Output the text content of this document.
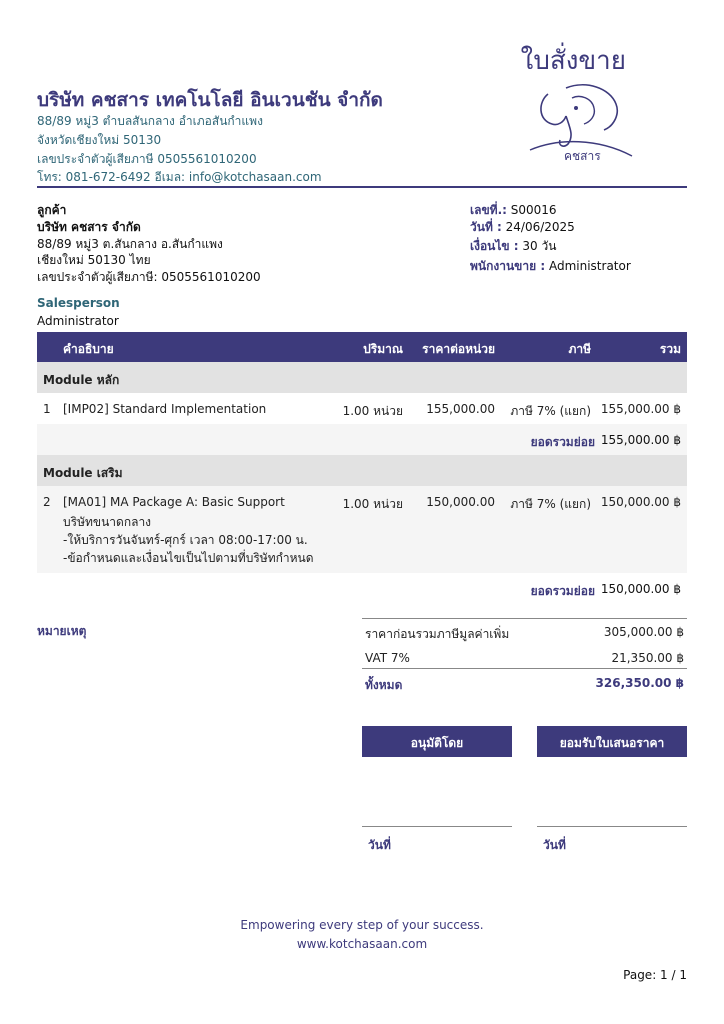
ใบสั่งขาย
บริษัท คชสาร เทคโนโลยี อินเวนชัน จำกัด
88/89 หมู่3 ตำบลสันกลาง อำเภอสันกำแพง
จังหวัดเชียงใหม่ 50130
เลขประจำตัวผู้เสียภาษี 0505561010200
โทร: 081-672-6492 อีเมล: info@kotchasaan.com
คชสาร
ลูกค้า
บริษัท คชสาร จำกัด
88/89 หมู่3 ต.สันกลาง อ.สันกำแพง
เชียงใหม่ 50130 ไทย
เลขประจำตัวผู้เสียภาษี: 0505561010200
เลขที่.: S00016
วันที่ : 24/06/2025
เงื่อนไข : 30 วัน
พนักงานขาย : Administrator
Salesperson
Administrator
คำอธิบาย	ปริมาณ ราคาต่อหน่วย	ภาษี	รวม
Module หลัก
1 [IMP02] Standard Implementation	1.00 หน่วย 155,000.00 ภาษี 7% (แยก) 155,000.00 ฿
ยอดรวมย่อย 155,000.00 ฿
Module เสริม
2 [MA01] MA Package A: Basic Support
บริษัทขนาดกลาง
-ให้บริการวันจันทร์-ศุกร์ เวลา 08:00-17:00 น.
-ข้อกำหนดและเงื่อนไขเป็นไปตามที่บริษัทกำหนด
1.00 หน่วย 150,000.00 ภาษี 7% (แยก) 150,000.00 ฿
ยอดรวมย่อย 150,000.00 ฿
หมายเหตุ	ราคาก่อนรวมภาษีมูลค่าเพิ่ม	305,000.00 ฿
VAT 7%	21,350.00 ฿
ทั้งหมด	326,350.00 ฿
อนุมัติโดย	ยอมรับใบเสนอราคา
วันที่	วันที่
Empowering every step of your success.
www.kotchasaan.com
Page: 1 / 1
